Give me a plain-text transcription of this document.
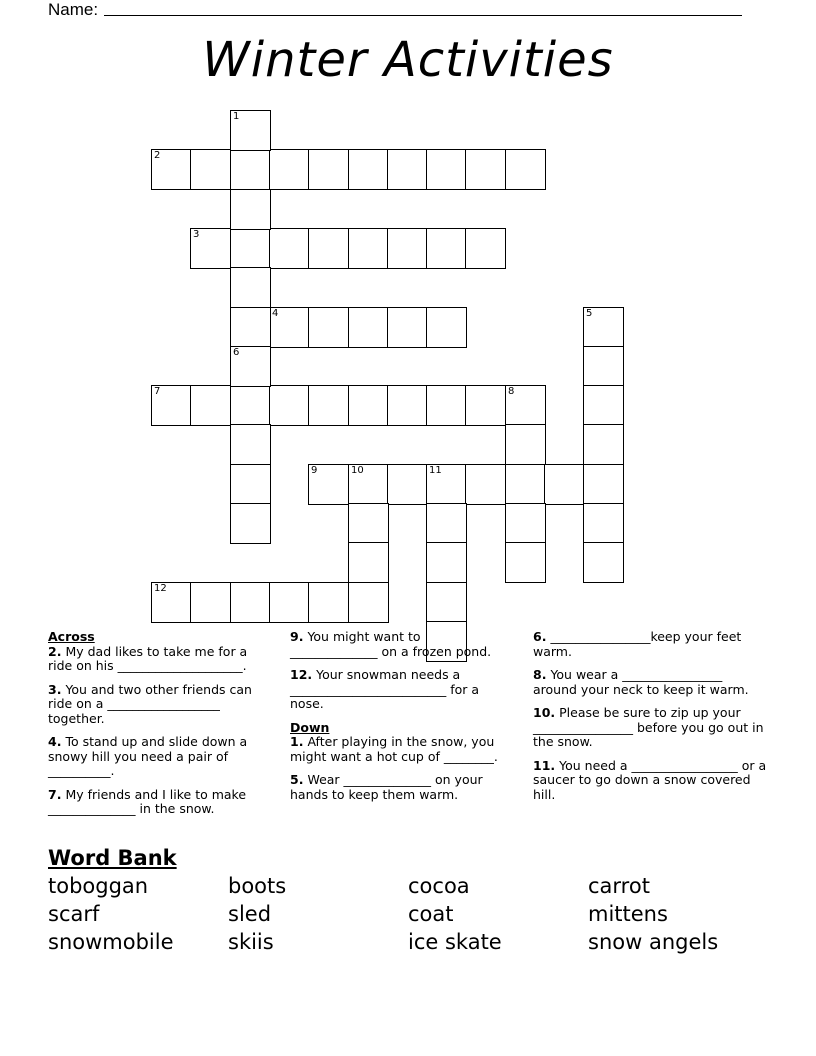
Name:
Winter Activities
2
3
4
7	8
9	10	11
12
1
5
6

Across

2. My dad likes to take me for a ride on his ____________________.

3. You and two other friends can ride on a __________________ together.

4. To stand up and slide down a snowy hill you need a pair of __________.

7. My friends and I like to make ______________ in the snow.

9. You might want to ______________ on a frozen pond.

12. Your snowman needs a _________________________ for a nose.

Down

1. After playing in the snow, you might want a hot cup of ________.

5. Wear ______________ on your hands to keep them warm.

6. ________________keep your feet warm.

8. You wear a ________________ around your neck to keep it warm.

10. Please be sure to zip up your ________________ before you go out in the snow.

11. You need a _________________ or a saucer to go down a snow covered hill.

Word Bank
toboggan	boots	cocoa	carrot
scarf	sled	coat	mittens
snowmobile	skiis	ice skate	snow angels
